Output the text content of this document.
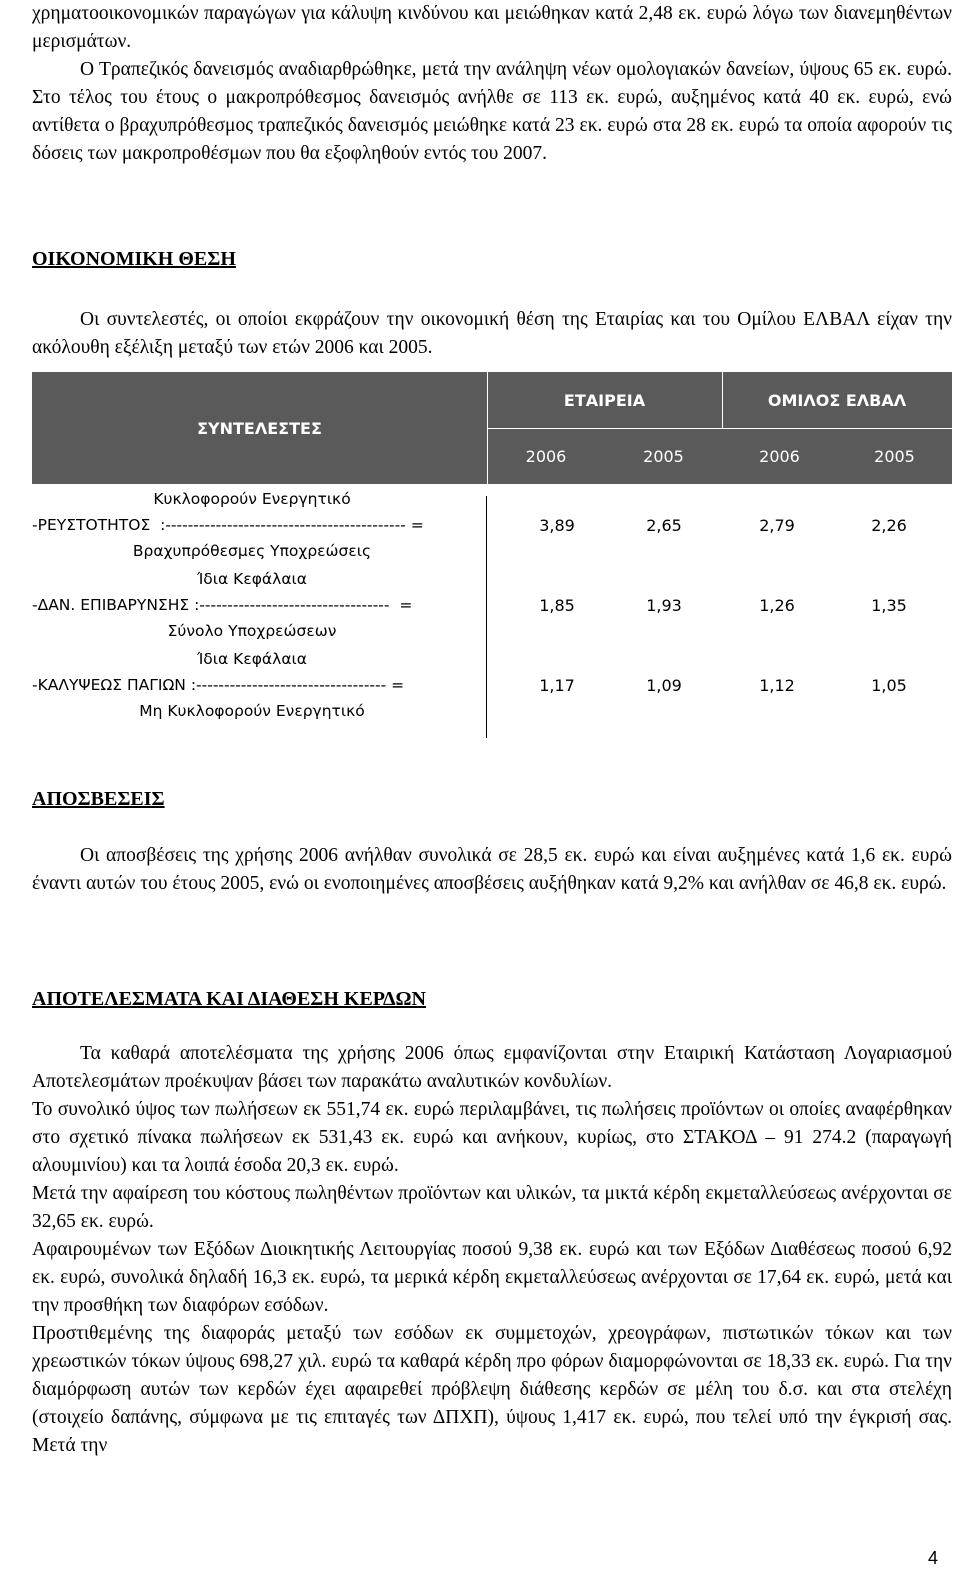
χρηματοοικονομικών παραγώγων για κάλυψη κινδύνου και μειώθηκαν κατά 2,48 εκ. ευρώ λόγω των διανεμηθέντων μερισμάτων.

Ο Τραπεζικός δανεισμός αναδιαρθρώθηκε, μετά την ανάληψη νέων ομολογιακών δανείων, ύψους 65 εκ. ευρώ. Στο τέλος του έτους ο μακροπρόθεσμος δανεισμός ανήλθε σε 113 εκ. ευρώ, αυξημένος κατά 40 εκ. ευρώ, ενώ αντίθετα ο βραχυπρόθεσμος τραπεζικός δανεισμός μειώθηκε κατά 23 εκ. ευρώ στα 28 εκ. ευρώ τα οποία αφορούν τις δόσεις των μακροπροθέσμων που θα εξοφληθούν εντός του 2007.

ΟΙΚΟΝΟΜΙΚΗ ΘΕΣΗ
Οι συντελεστές, οι οποίοι εκφράζουν την οικονομική θέση της Εταιρίας και του Ομίλου ΕΛΒΑΛ είχαν την ακόλουθη εξέλιξη μεταξύ των ετών 2006 και 2005.
ΣΥΝΤΕΛΕΣΤΕΣ
ΕΤΑΙΡΕΙΑ	ΟΜΙΛΟΣ ΕΛΒΑΛ
2006	2005	2006	2005
Κυκλοφορούν Ενεργητικό
-ΡΕΥΣΤΟΤΗΤΟΣ  :------------------------------------------- =
Βραχυπρόθεσμες Υποχρεώσεις
3,89	2,65	2,79	2,26
Ίδια Κεφάλαια
-ΔΑΝ. ΕΠΙΒΑΡΥΝΣΗΣ :----------------------------------  =
Σύνολο Υποχρεώσεων
1,85	1,93	1,26	1,35
Ίδια Κεφάλαια
-ΚΑΛΥΨΕΩΣ ΠΑΓΙΩΝ :---------------------------------- =
Μη Κυκλοφορούν Ενεργητικό
1,17	1,09	1,12	1,05
ΑΠΟΣΒΕΣΕΙΣ
Οι αποσβέσεις της χρήσης 2006 ανήλθαν συνολικά σε 28,5 εκ. ευρώ και είναι αυξημένες κατά 1,6 εκ. ευρώ έναντι αυτών του έτους 2005, ενώ οι ενοποιημένες αποσβέσεις αυξήθηκαν κατά 9,2% και ανήλθαν σε 46,8 εκ. ευρώ.
ΑΠΟΤΕΛΕΣΜΑΤΑ ΚΑΙ ΔΙΑΘΕΣΗ ΚΕΡΔΩΝ

Τα καθαρά αποτελέσματα της χρήσης 2006 όπως εμφανίζονται στην Εταιρική Κατάσταση Λογαριασμού Αποτελεσμάτων προέκυψαν βάσει των παρακάτω αναλυτικών κονδυλίων.

Το συνολικό ύψος των πωλήσεων εκ 551,74 εκ. ευρώ περιλαμβάνει, τις πωλήσεις προϊόντων οι οποίες αναφέρθηκαν στο σχετικό πίνακα πωλήσεων εκ 531,43 εκ. ευρώ και ανήκουν, κυρίως, στο ΣΤΑΚΟΔ – 91 274.2 (παραγωγή αλουμινίου) και τα λοιπά έσοδα 20,3 εκ. ευρώ.

Μετά την αφαίρεση του κόστους πωληθέντων προϊόντων και υλικών, τα μικτά κέρδη εκμεταλλεύσεως ανέρχονται σε 32,65 εκ. ευρώ.

Αφαιρουμένων των Εξόδων Διοικητικής Λειτουργίας ποσού 9,38 εκ. ευρώ και των Εξόδων Διαθέσεως ποσού 6,92 εκ. ευρώ, συνολικά δηλαδή 16,3 εκ. ευρώ, τα μερικά κέρδη εκμεταλλεύσεως ανέρχονται σε 17,64 εκ. ευρώ, μετά και την προσθήκη των διαφόρων εσόδων.

Προστιθεμένης της διαφοράς μεταξύ των εσόδων εκ συμμετοχών, χρεογράφων, πιστωτικών τόκων και των χρεωστικών τόκων ύψους 698,27 χιλ. ευρώ τα καθαρά κέρδη προ φόρων διαμορφώνονται σε 18,33 εκ. ευρώ. Για την διαμόρφωση αυτών των κερδών έχει αφαιρεθεί πρόβλεψη διάθεσης κερδών σε μέλη του δ.σ. και στα στελέχη (στοιχείο δαπάνης, σύμφωνα με τις επιταγές των ΔΠΧΠ), ύψους 1,417 εκ. ευρώ, που τελεί υπό την έγκρισή σας. Μετά την

4
